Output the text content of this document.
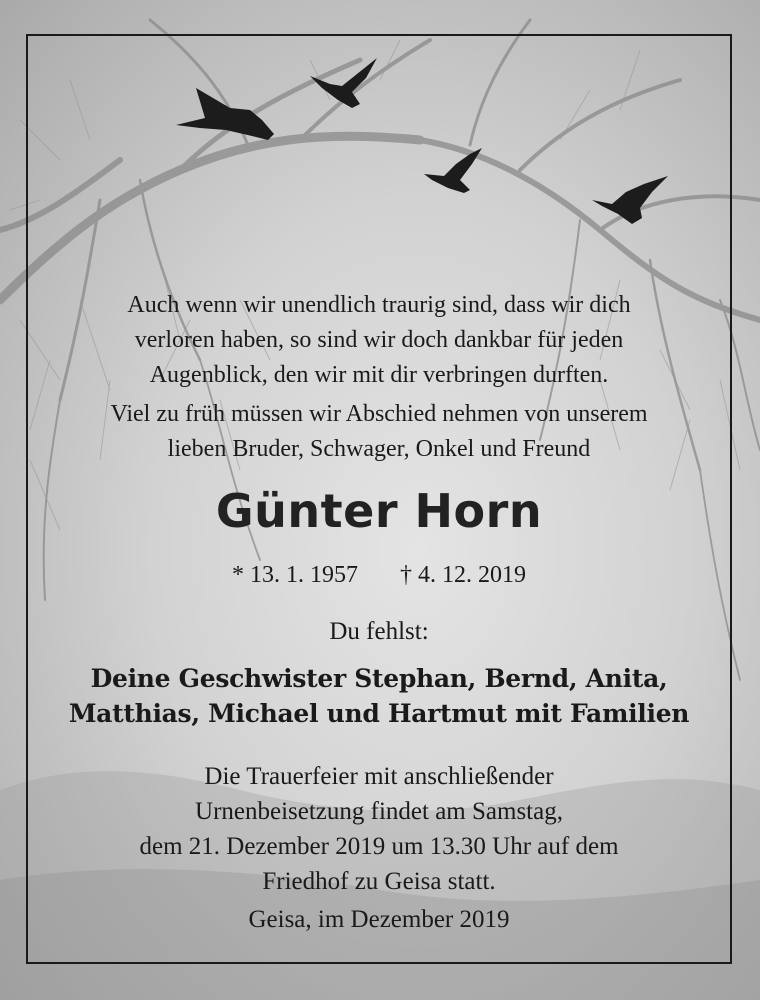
Auch wenn wir unendlich traurig sind, dass wir dich

verloren haben, so sind wir doch dankbar für jeden

Augenblick, den wir mit dir verbringen durften.

Viel zu früh müssen wir Abschied nehmen von unserem

lieben Bruder, Schwager, Onkel und Freund

Günter Horn
* 13. 1. 1957 † 4. 12. 2019
Du fehlst:
Deine Geschwister Stephan, Bernd, Anita,
Matthias, Michael und Hartmut mit Familien
Die Trauerfeier mit anschließender
Urnenbeisetzung findet am Samstag,
dem 21. Dezember 2019 um 13.30 Uhr auf dem
Friedhof zu Geisa statt.
Geisa, im Dezember 2019
